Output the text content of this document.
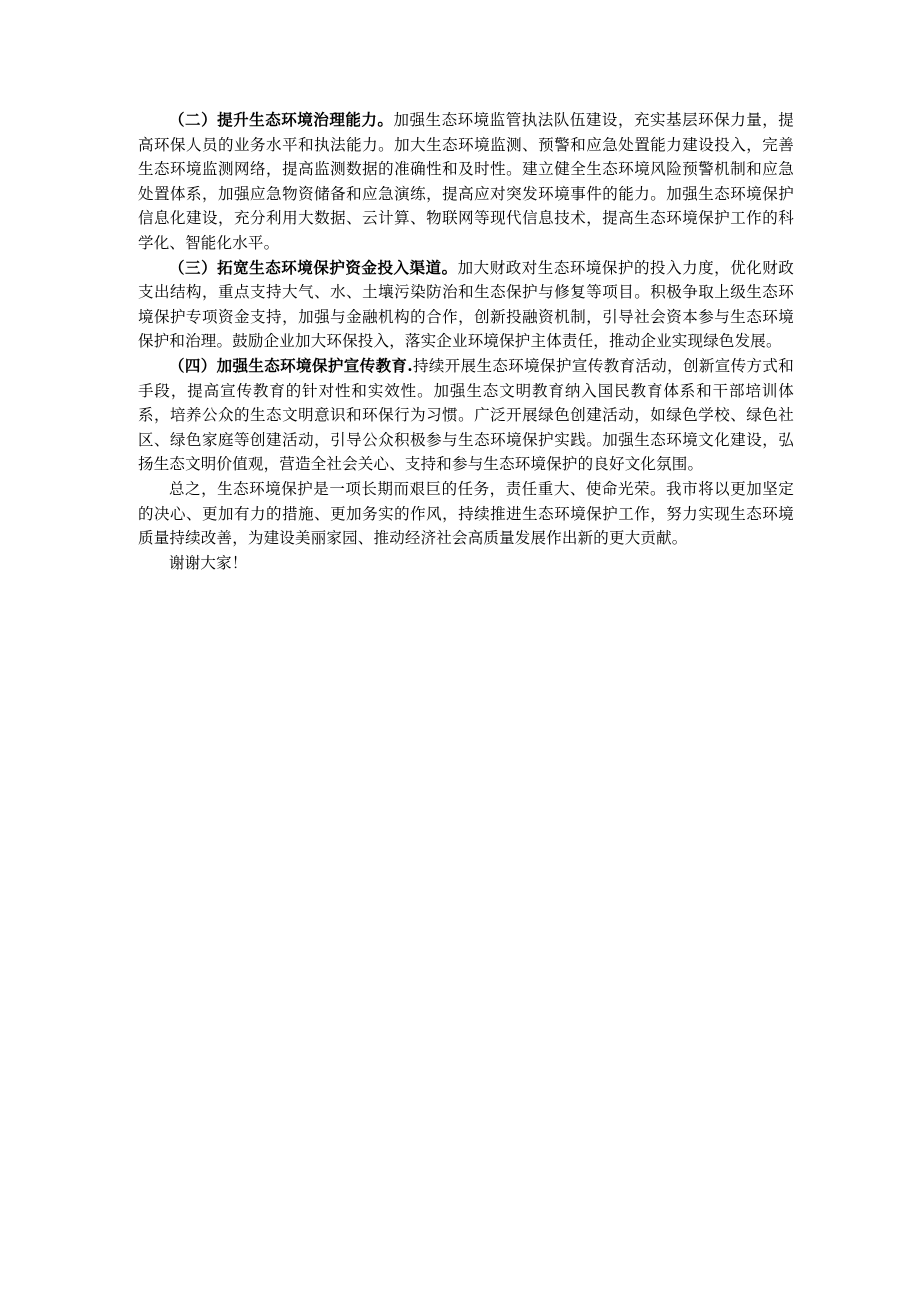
（二）提升生态环境治理能力。加强生态环境监管执法队伍建设，充实基层环保力量，提高环保人员的业务水平和执法能力。加大生态环境监测、预警和应急处置能力建设投入，完善生态环境监测网络，提高监测数据的准确性和及时性。建立健全生态环境风险预警机制和应急处置体系，加强应急物资储备和应急演练，提高应对突发环境事件的能力。加强生态环境保护信息化建设，充分利用大数据、云计算、物联网等现代信息技术，提高生态环境保护工作的科学化、智能化水平。

（三）拓宽生态环境保护资金投入渠道。加大财政对生态环境保护的投入力度，优化财政支出结构，重点支持大气、水、土壤污染防治和生态保护与修复等项目。积极争取上级生态环境保护专项资金支持，加强与金融机构的合作，创新投融资机制，引导社会资本参与生态环境保护和治理。鼓励企业加大环保投入，落实企业环境保护主体责任，推动企业实现绿色发展。

（四）加强生态环境保护宣传教育.持续开展生态环境保护宣传教育活动，创新宣传方式和手段，提高宣传教育的针对性和实效性。加强生态文明教育纳入国民教育体系和干部培训体系，培养公众的生态文明意识和环保行为习惯。广泛开展绿色创建活动，如绿色学校、绿色社区、绿色家庭等创建活动，引导公众积极参与生态环境保护实践。加强生态环境文化建设，弘扬生态文明价值观，营造全社会关心、支持和参与生态环境保护的良好文化氛围。

总之，生态环境保护是一项长期而艰巨的任务，责任重大、使命光荣。我市将以更加坚定的决心、更加有力的措施、更加务实的作风，持续推进生态环境保护工作，努力实现生态环境质量持续改善，为建设美丽家园、推动经济社会高质量发展作出新的更大贡献。

谢谢大家！
